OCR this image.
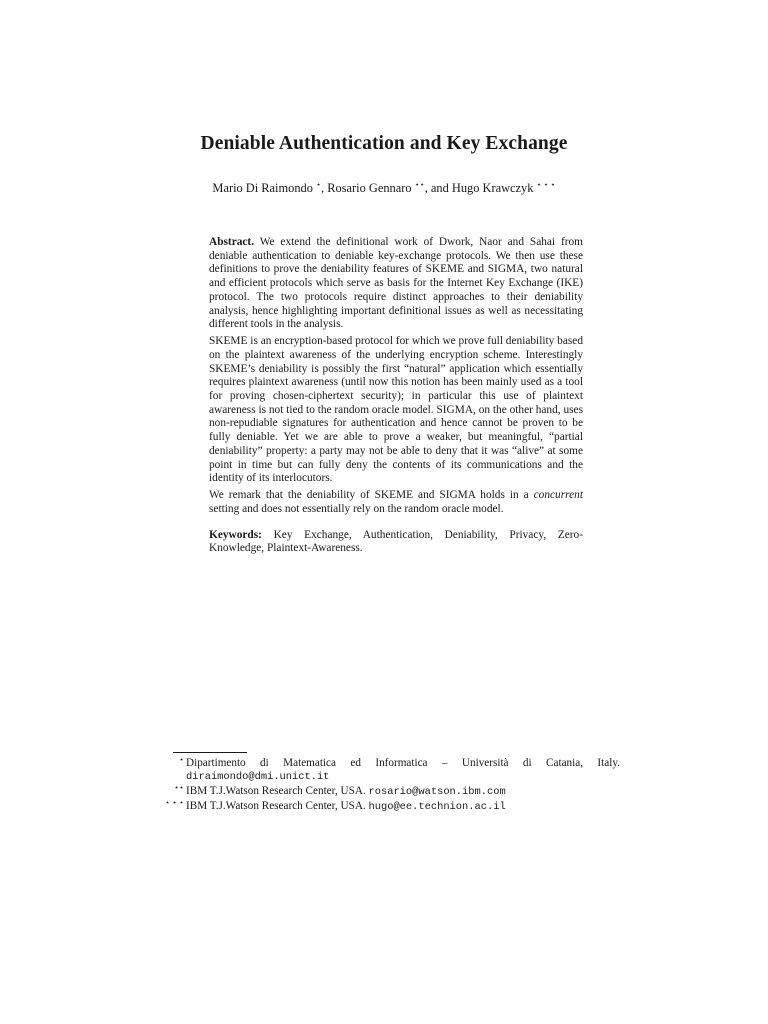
Deniable Authentication and Key Exchange
Mario Di Raimondo ⋆, Rosario Gennaro ⋆⋆, and Hugo Krawczyk ⋆ ⋆ ⋆

Abstract. We extend the definitional work of Dwork, Naor and Sahai from deniable authentication to deniable key-exchange protocols. We then use these definitions to prove the deniability features of SKEME and SIGMA, two natural and efficient protocols which serve as basis for the Internet Key Exchange (IKE) protocol. The two protocols require distinct approaches to their deniability analysis, hence highlighting important definitional issues as well as necessitating different tools in the analysis.

SKEME is an encryption-based protocol for which we prove full deniability based on the plaintext awareness of the underlying encryption scheme. Interestingly SKEME’s deniability is possibly the first “natural” application which essentially requires plaintext awareness (until now this notion has been mainly used as a tool for proving chosen-ciphertext security); in particular this use of plaintext awareness is not tied to the random oracle model. SIGMA, on the other hand, uses non-repudiable signatures for authentication and hence cannot be proven to be fully deniable. Yet we are able to prove a weaker, but meaningful, “partial deniability” property: a party may not be able to deny that it was “alive” at some point in time but can fully deny the contents of its communications and the identity of its interlocutors.

We remark that the deniability of SKEME and SIGMA holds in a concurrent setting and does not essentially rely on the random oracle model.

Keywords: Key Exchange, Authentication, Deniability, Privacy, Zero-Knowledge, Plaintext-Awareness.

⋆ Dipartimento di Matematica ed Informatica – Università di Catania, Italy.
diraimondo@dmi.unict.it
⋆⋆ IBM T.J.Watson Research Center, USA. rosario@watson.ibm.com
⋆ ⋆ ⋆ IBM T.J.Watson Research Center, USA. hugo@ee.technion.ac.il
